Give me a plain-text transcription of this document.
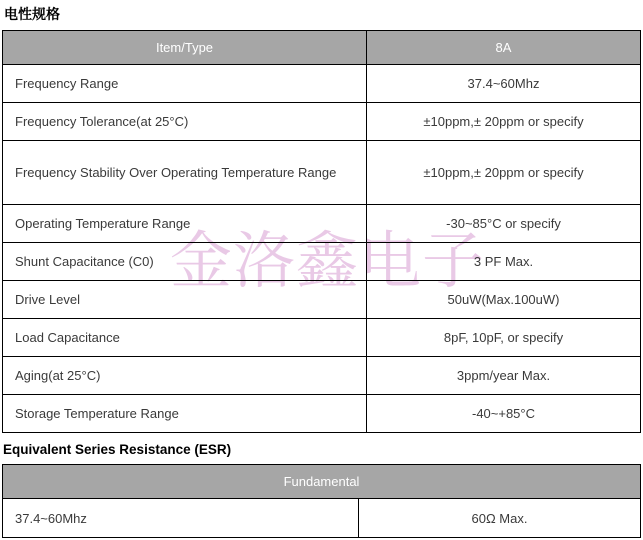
金洛鑫电子
电性规格
Item/Type	8A
Frequency Range	37.4~60Mhz
Frequency Tolerance(at 25°C)	±10ppm,± 20ppm or specify
Frequency Stability Over Operating Temperature Range	±10ppm,± 20ppm or specify
Operating Temperature Range	-30~85°C or specify
Shunt Capacitance (C0)	3 PF Max.
Drive Level	50uW(Max.100uW)
Load Capacitance	8pF, 10pF, or specify
Aging(at 25°C)	3ppm/year Max.
Storage Temperature Range	-40~+85°C
Equivalent Series Resistance (ESR)
Fundamental
37.4~60Mhz	60Ω Max.
